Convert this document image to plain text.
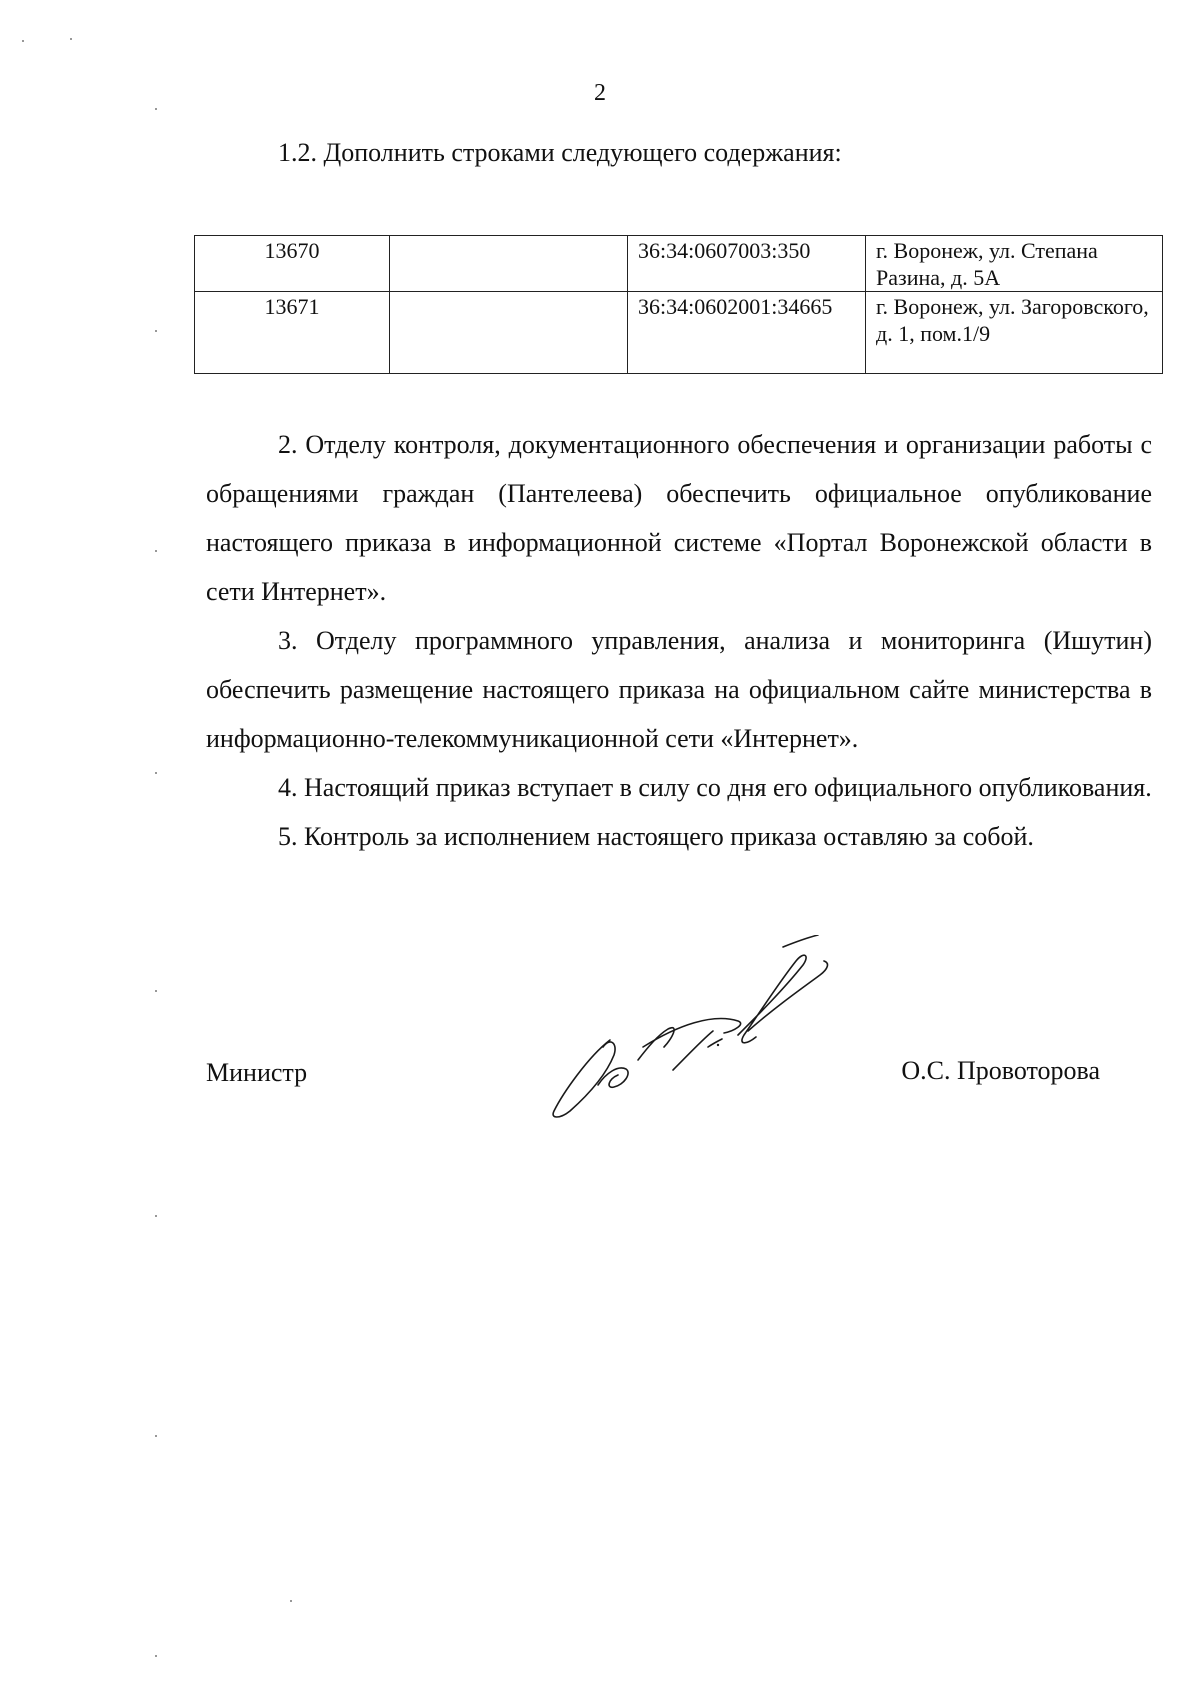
2
1.2. Дополнить строками следующего содержания:
13670		36:34:0607003:350	г. Воронеж, ул. Степана Разина, д. 5А
13671		36:34:0602001:34665	г. Воронеж, ул. Загоровского, д. 1, пом.1/9

2. Отделу контроля, документационного обеспечения и организации работы с обращениями граждан (Пантелеева) обеспечить официальное опубликование настоящего приказа в информационной системе «Портал Воронежской области в сети Интернет».

3. Отделу программного управления, анализа и мониторинга (Ишутин) обеспечить размещение настоящего приказа на официальном сайте министерства в информационно-телекоммуникационной сети «Интернет».

4. Настоящий приказ вступает в силу со дня его официального опубликования.

5. Контроль за исполнением настоящего приказа оставляю за собой.

Министр	О.С. Провоторова
